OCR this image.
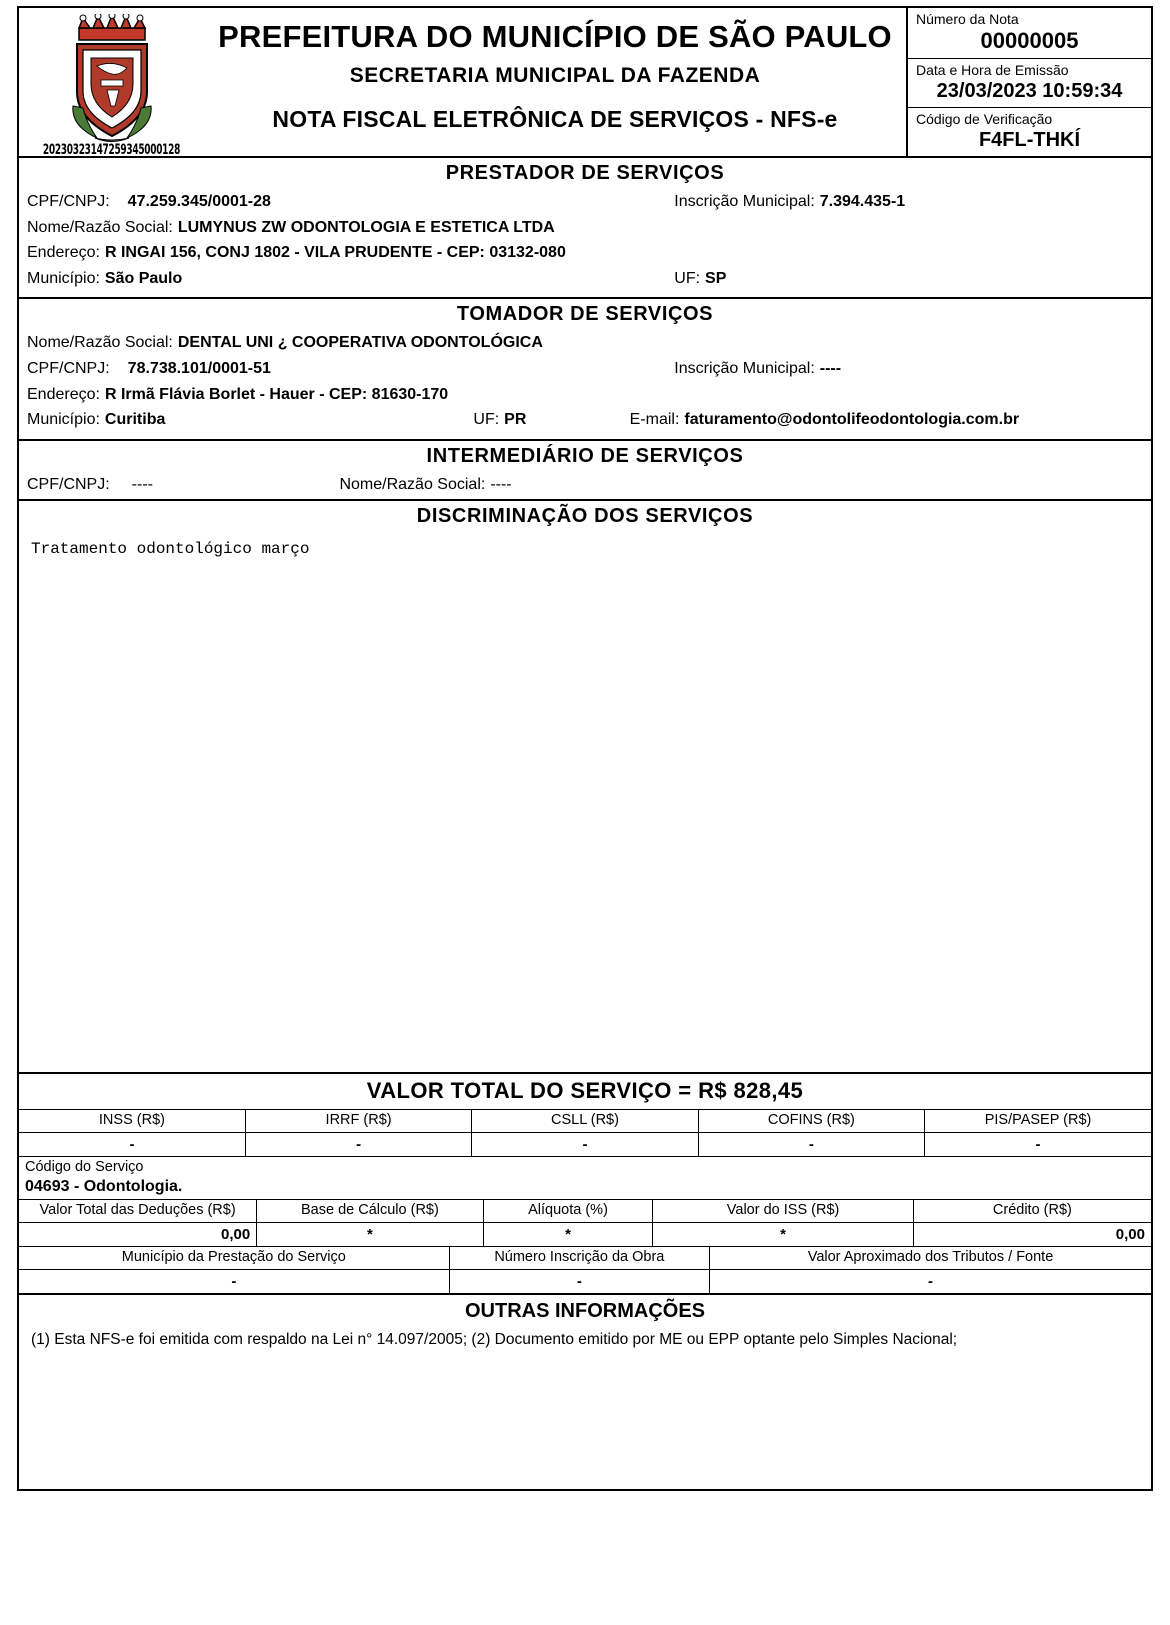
20230323147259345000128
PREFEITURA DO MUNICÍPIO DE SÃO PAULO
SECRETARIA MUNICIPAL DA FAZENDA
NOTA FISCAL ELETRÔNICA DE SERVIÇOS - NFS-e
Número da Nota
00000005
Data e Hora de Emissão
23/03/2023 10:59:34
Código de Verificação
F4FL-THKÍ
PRESTADOR DE SERVIÇOS
CPF/CNPJ: 47.259.345/0001-28	Inscrição Municipal: 7.394.435-1
Nome/Razão Social: LUMYNUS ZW ODONTOLOGIA E ESTETICA LTDA
Endereço: R INGAI 156, CONJ 1802 - VILA PRUDENTE - CEP: 03132-080
Município: São Paulo	UF: SP
TOMADOR DE SERVIÇOS
Nome/Razão Social: DENTAL UNI ¿ COOPERATIVA ODONTOLÓGICA
CPF/CNPJ: 78.738.101/0001-51	Inscrição Municipal: ----
Endereço: R Irmã Flávia Borlet - Hauer - CEP: 81630-170
Município: Curitiba	UF: PR	E-mail: faturamento@odontolifeodontologia.com.br
INTERMEDIÁRIO DE SERVIÇOS
CPF/CNPJ: ----	Nome/Razão Social: ----
DISCRIMINAÇÃO DOS SERVIÇOS
Tratamento odontológico março
VALOR TOTAL DO SERVIÇO = R$ 828,45
INSS (R$)	IRRF (R$)	CSLL (R$)	COFINS (R$)	PIS/PASEP (R$)
-	-	-	-	-
Código do Serviço
04693 - Odontologia.
Valor Total das Deduções (R$)	Base de Cálculo (R$)	Alíquota (%)	Valor do ISS (R$)	Crédito (R$)
0,00	*	*	*	0,00
Município da Prestação do Serviço	Número Inscrição da Obra	Valor Aproximado dos Tributos / Fonte
-	-	-
OUTRAS INFORMAÇÕES
(1) Esta NFS-e foi emitida com respaldo na Lei n° 14.097/2005; (2) Documento emitido por ME ou EPP optante pelo Simples Nacional;
